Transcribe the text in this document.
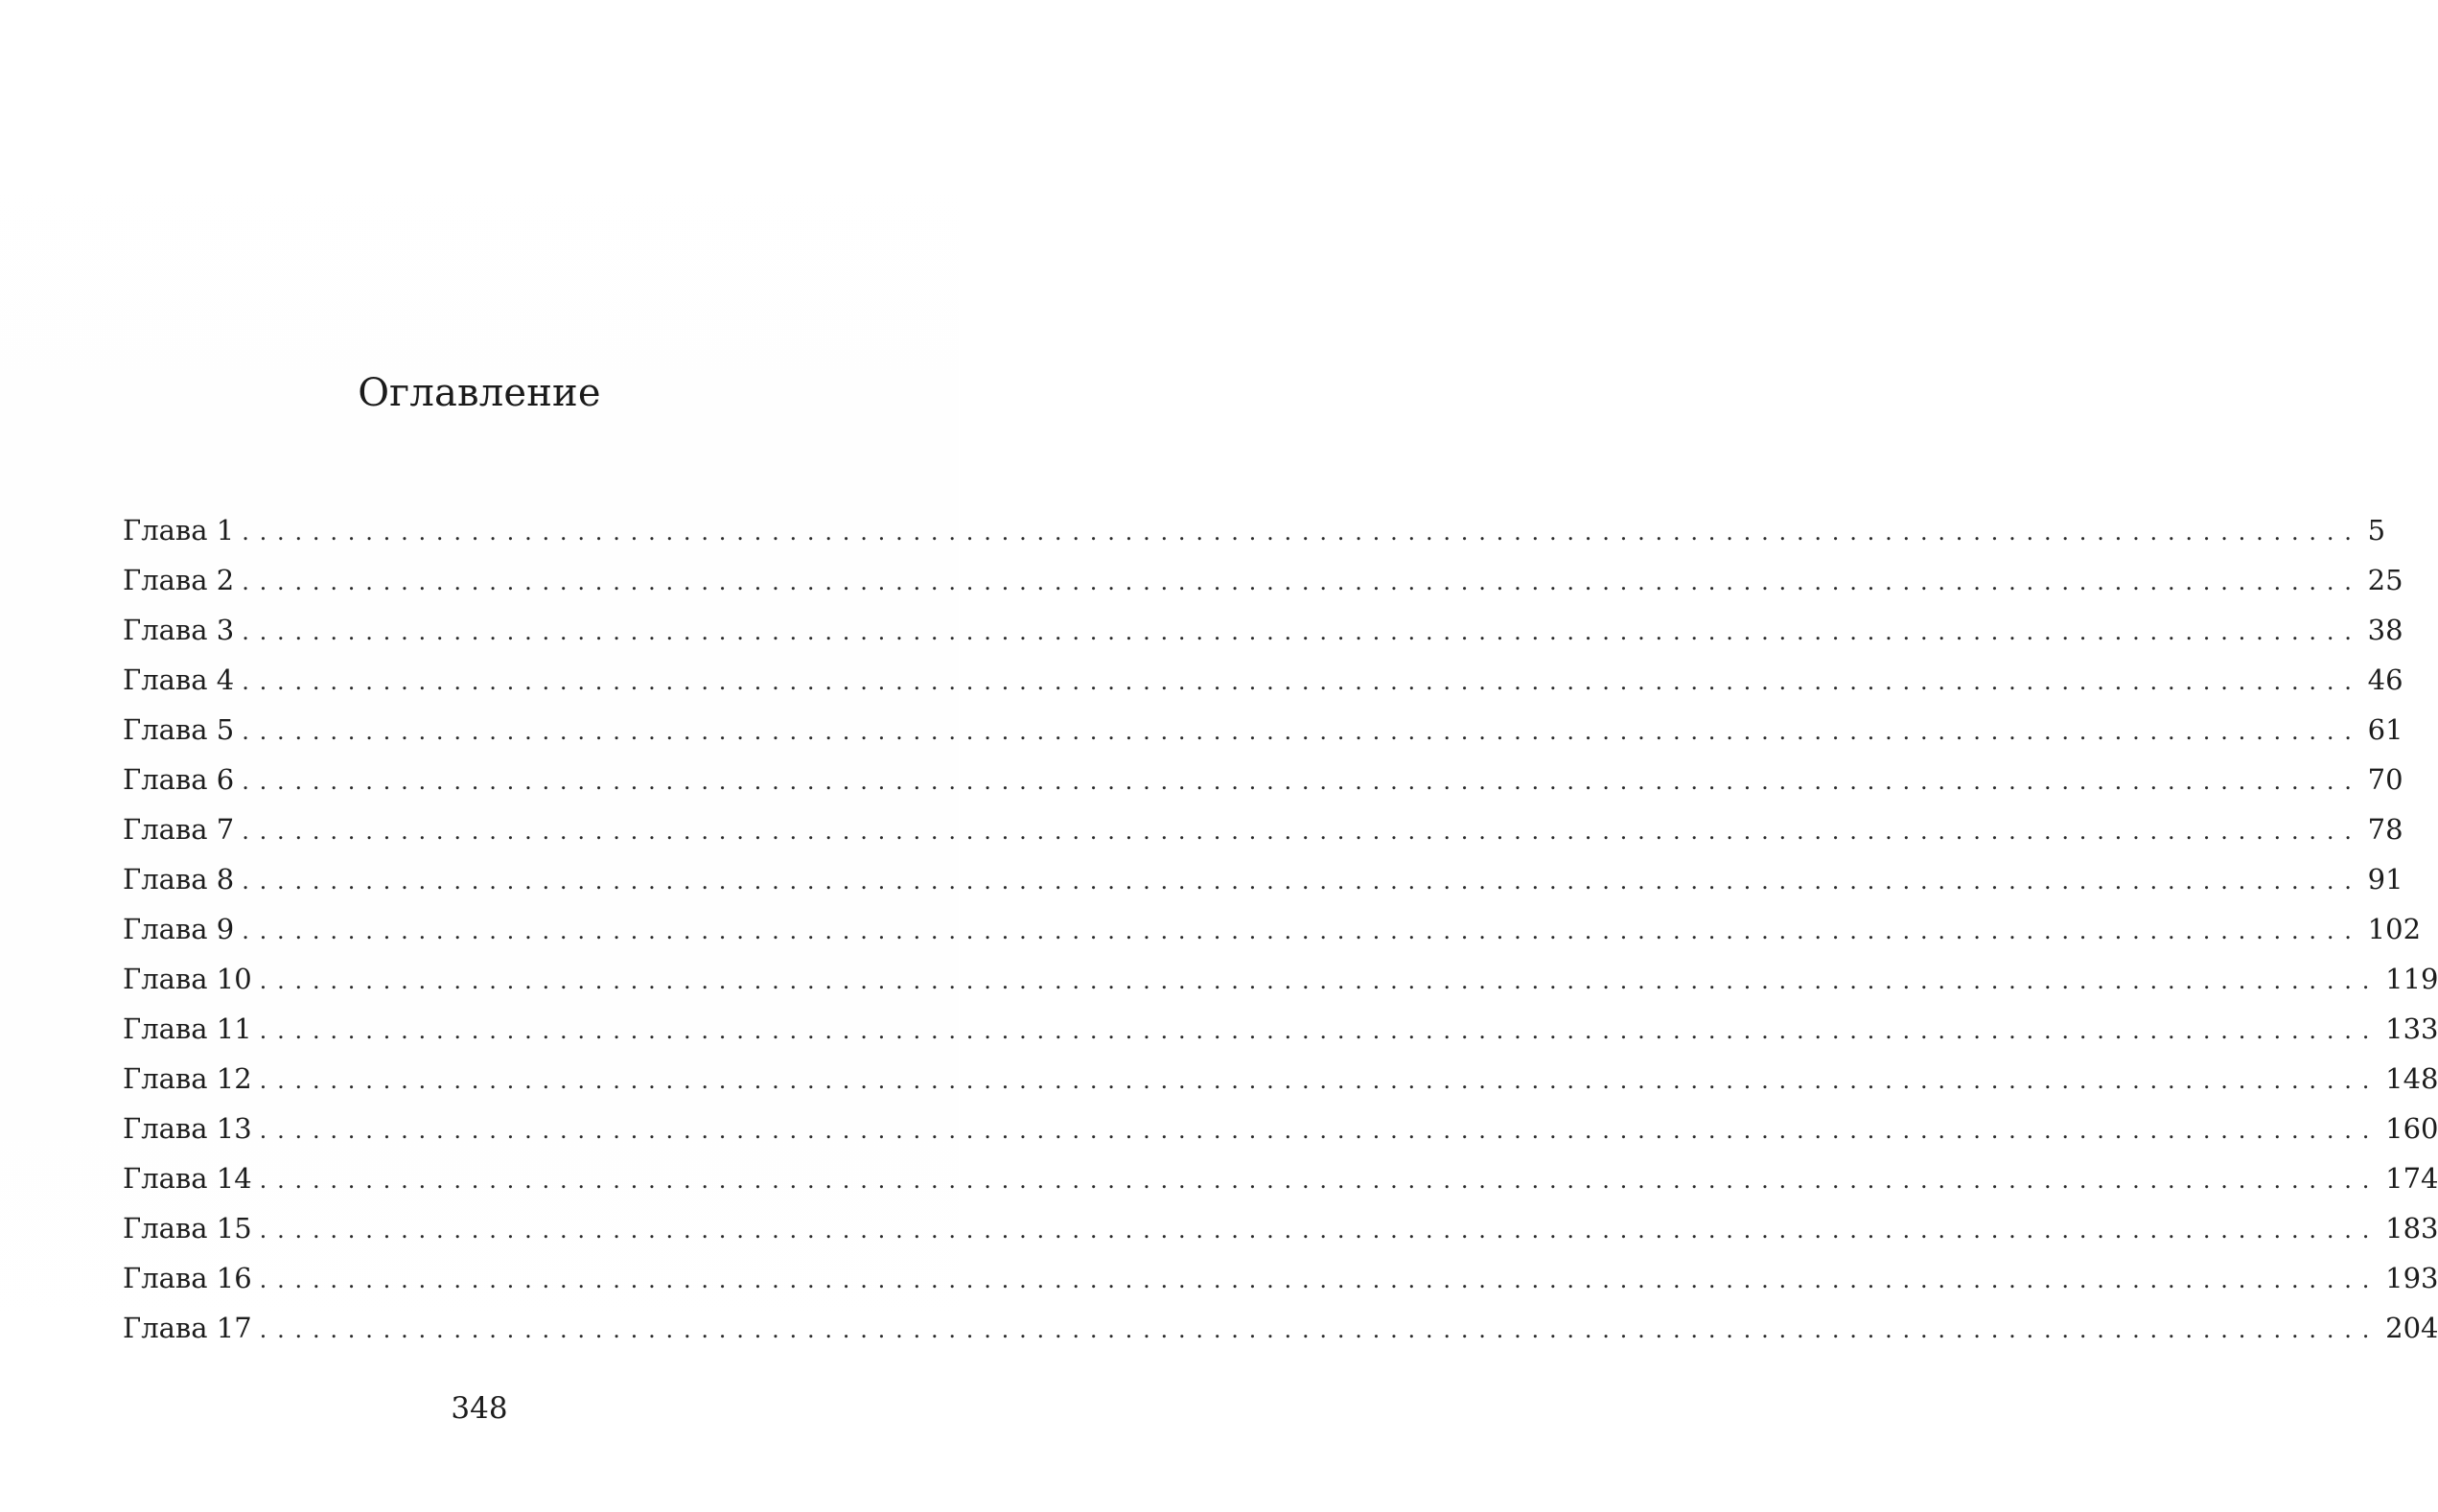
Оглавление
Глава 1 ........................................................................................................................ 5
Глава 2 ........................................................................................................................ 25
Глава 3 ........................................................................................................................ 38
Глава 4 ........................................................................................................................ 46
Глава 5 ........................................................................................................................ 61
Глава 6 ........................................................................................................................ 70
Глава 7 ........................................................................................................................ 78
Глава 8 ........................................................................................................................ 91
Глава 9 ........................................................................................................................ 102
Глава 10 ........................................................................................................................ 119
Глава 11 ........................................................................................................................ 133
Глава 12 ........................................................................................................................ 148
Глава 13 ........................................................................................................................ 160
Глава 14 ........................................................................................................................ 174
Глава 15 ........................................................................................................................ 183
Глава 16 ........................................................................................................................ 193
Глава 17 ........................................................................................................................ 204
348
